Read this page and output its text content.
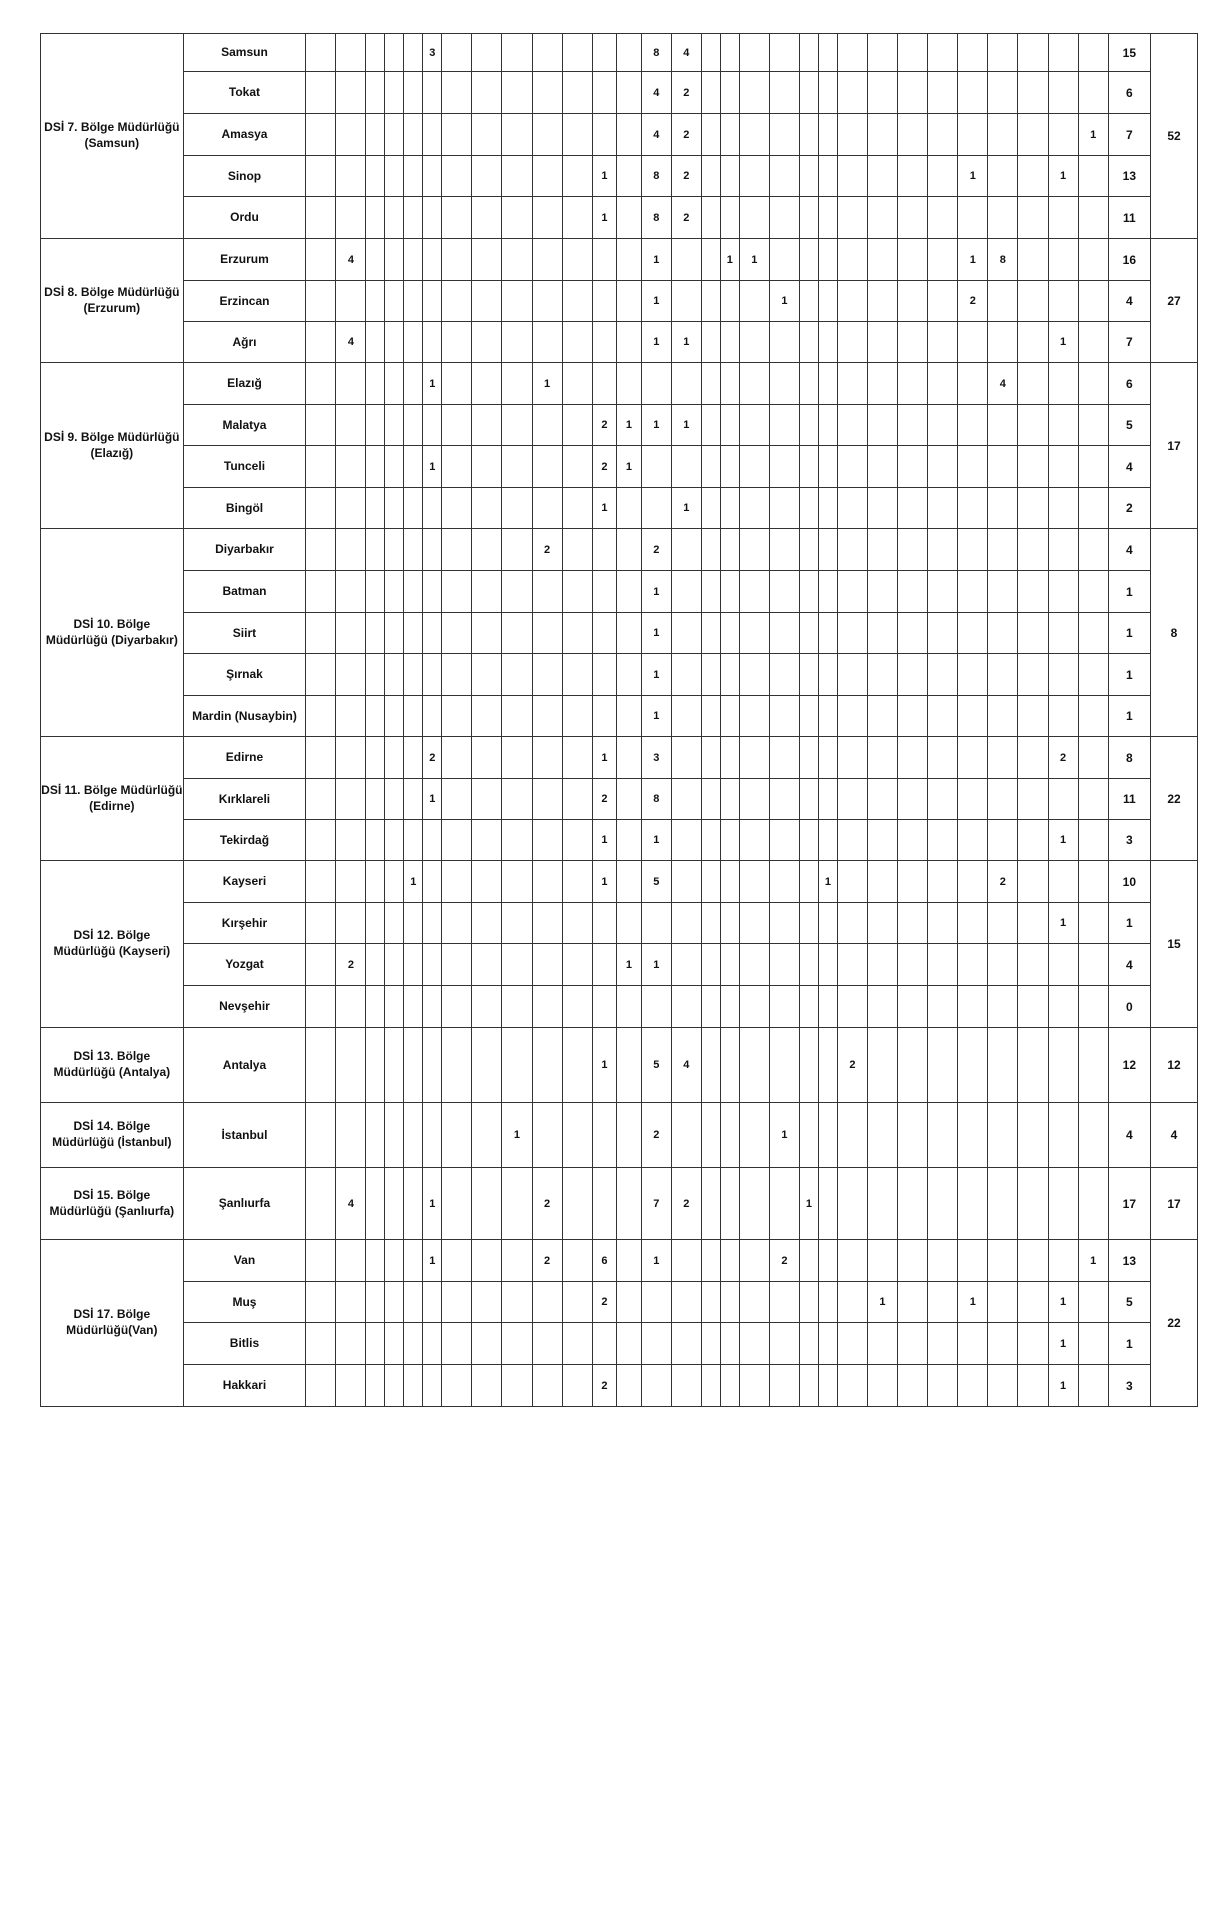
DSİ 7. Bölge Müdürlüğü (Samsun)	Samsun						3								8	4																15	52
	Tokat														4	2																6	
	Amasya														4	2															1	7	
	Sinop												1		8	2											1			1		13	
	Ordu												1		8	2																11	
DSİ 8. Bölge Müdürlüğü (Erzurum)	Erzurum		4												1			1	1								1	8				16	27
	Erzincan														1					1							2					4	
	Ağrı		4												1	1														1		7	
DSİ 9. Bölge Müdürlüğü (Elazığ)	Elazığ						1				1																	4				6	17
	Malatya												2	1	1	1																5	
	Tunceli						1						2	1																		4	
	Bingöl												1			1																2	
DSİ 10. Bölge Müdürlüğü (Diyarbakır)	Diyarbakır										2				2																	4	8
	Batman														1																	1	
	Siirt														1																	1	
	Şırnak														1																	1	
	Mardin (Nusaybin)														1																	1	
DSİ 11. Bölge Müdürlüğü (Edirne)	Edirne						2						1		3															2		8	22
	Kırklareli						1						2		8																	11	
	Tekirdağ												1		1															1		3	
DSİ 12. Bölge Müdürlüğü (Kayseri)	Kayseri					1							1		5							1						2				10	15
	Kırşehir																													1		1	
	Yozgat		2											1	1																	4	
	Nevşehir																															0	
DSİ 13. Bölge Müdürlüğü (Antalya)	Antalya												1		5	4							2									12	12
DSİ 14. Bölge Müdürlüğü (İstanbul)	İstanbul									1					2					1												4	4
DSİ 15. Bölge Müdürlüğü (Şanlıurfa)	Şanlıurfa		4				1				2				7	2					1											17	17
DSİ 17. Bölge Müdürlüğü(Van)	Van						1				2		6		1					2											1	13	22
	Muş												2											1			1			1		5	
	Bitlis																													1		1	
	Hakkari												2																	1		3	
